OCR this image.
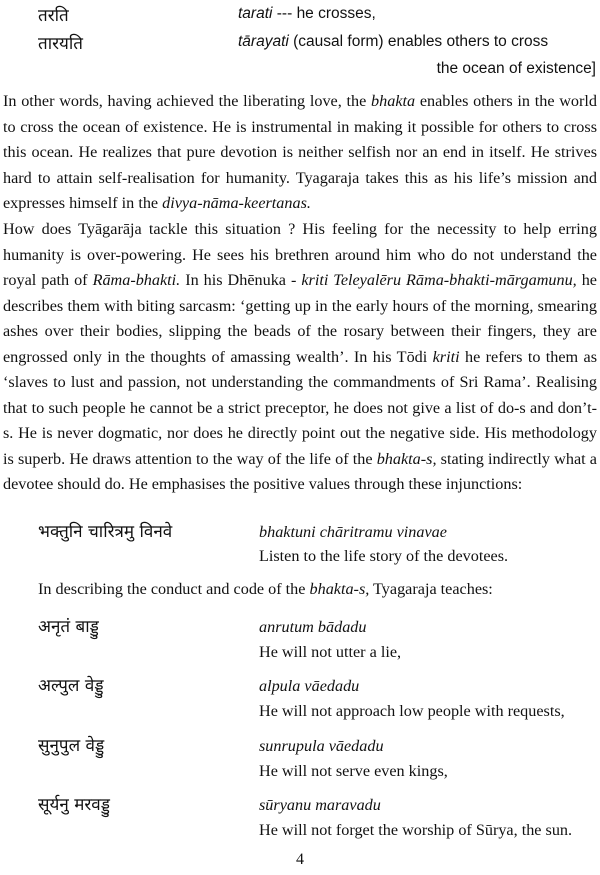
तरति	tarati --- he crosses,
तारयति	tārayati (causal form) enables others to cross
the ocean of existence]

In other words, having achieved the liberating love, the bhakta enables others in the world to cross the ocean of existence. He is instrumental in making it possible for others to cross this ocean. He realizes that pure devotion is neither selfish nor an end in itself. He strives hard to attain self-realisation for humanity. Tyagaraja takes this as his life’s mission and expresses himself in the divya-nāma-keertanas.

How does Tyāgarāja tackle this situation ? His feeling for the necessity to help erring humanity is over-powering. He sees his brethren around him who do not understand the royal path of Rāma-bhakti. In his Dhēnuka - kriti Teleyalēru Rāma-bhakti-mārgamunu, he describes them with biting sarcasm: ‘getting up in the early hours of the morning, smearing ashes over their bodies, slipping the beads of the rosary between their fingers, they are engrossed only in the thoughts of amassing wealth’. In his Tōdi kriti he refers to them as ‘slaves to lust and passion, not understanding the commandments of Sri Rama’. Realising that to such people he cannot be a strict preceptor, he does not give a list of do-s and don’t-s. He is never dogmatic, nor does he directly point out the negative side. His methodology is superb. He draws attention to the way of the life of the bhakta-s, stating indirectly what a devotee should do. He emphasises the positive values through these injunctions:

भक्तुनि चारित्रमु विनवे	bhaktuni chāritramu vinavae
Listen to the life story of the devotees.
In describing the conduct and code of the bhakta-s, Tyagaraja teaches:
अनृतं बाड्डु	anrutum bādadu
He will not utter a lie,
अल्पुल वेड्डु	alpula vāedadu
He will not approach low people with requests,
सुनुपुल वेड्डु	sunrupula vāedadu
He will not serve even kings,
सूर्यनु मरवड्डु	sūryanu maravadu
He will not forget the worship of Sūrya, the sun.
4
